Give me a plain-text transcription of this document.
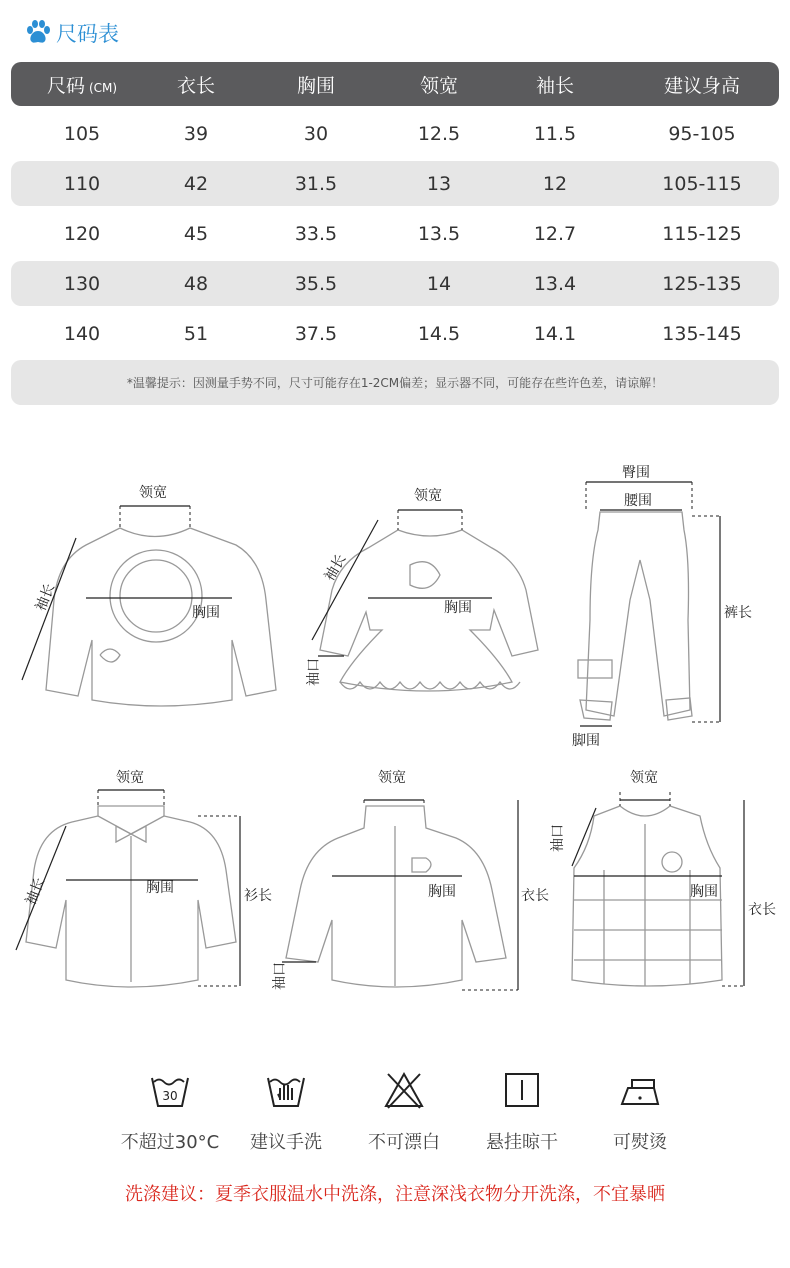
尺码表
尺码 (CM)	衣长	胸围	领宽	袖长	建议身高
105	39	30	12.5	11.5	95-105
110	42	31.5	13	12	105-115
120	45	33.5	13.5	12.7	115-125
130	48	35.5	14	13.4	125-135
140	51	37.5	14.5	14.1	135-145
*温馨提示：因测量手势不同，尺寸可能存在1-2CM偏差；显示器不同，可能存在些许色差，请谅解！
领宽
胸围
袖长
领宽
胸围
袖长
袖口
臀围
腰围
裤长
脚围
领宽
胸围	衫长
袖长
领宽
胸围	衣长
袖口
领宽
胸围
衣长
袖口
30
不超过30°C	建议手洗	不可漂白	悬挂晾干	可熨烫
洗涤建议：夏季衣服温水中洗涤，注意深浅衣物分开洗涤，不宜暴晒
